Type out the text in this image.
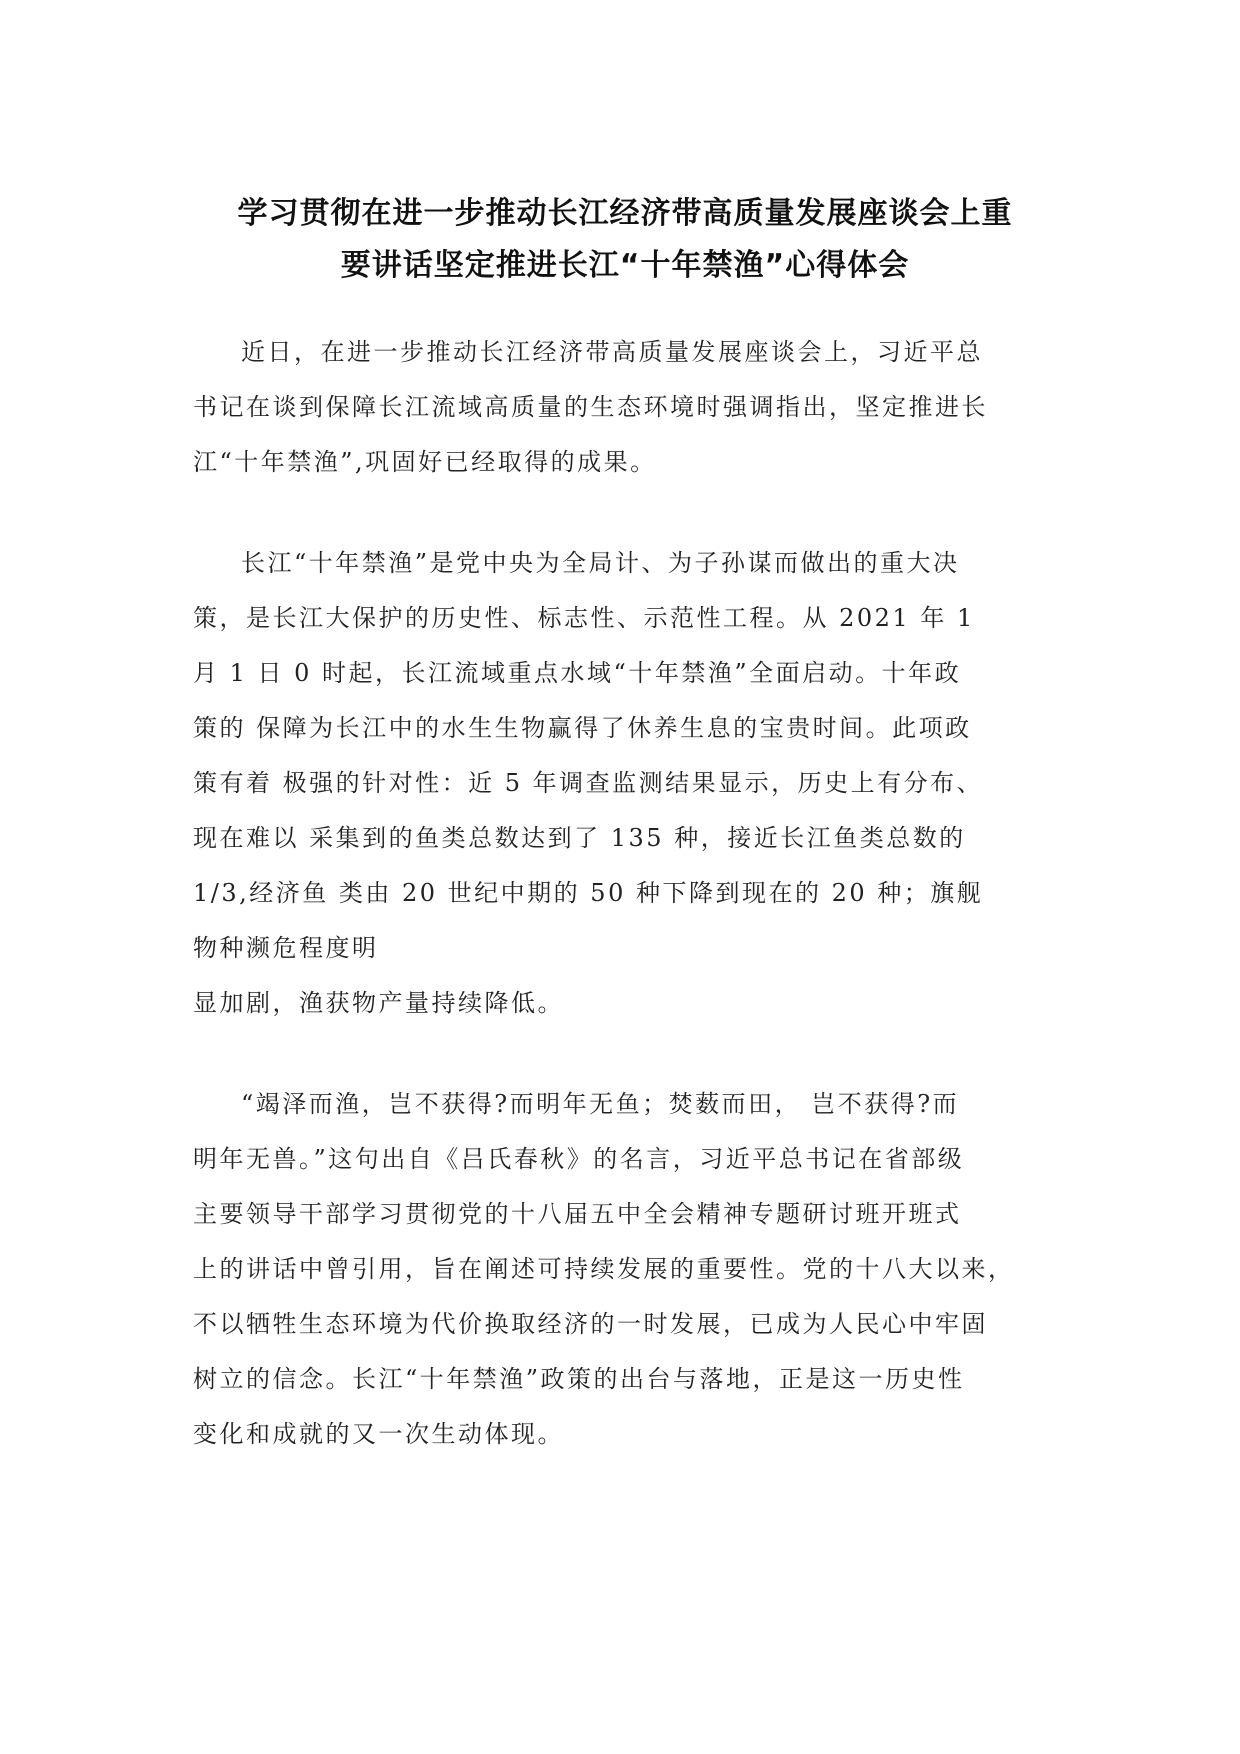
学习贯彻在进一步推动长江经济带高质量发展座谈会上重
要讲话坚定推进长江“十年禁渔”心得体会

近日，在进一步推动长江经济带高质量发展座谈会上，习近平总
书记在谈到保障长江流域高质量的生态环境时强调指出，坚定推进长
江“十年禁渔”,巩固好已经取得的成果。

长江“十年禁渔”是党中央为全局计、为子孙谋而做出的重大决
策，是长江大保护的历史性、标志性、示范性工程。从 2021 年 1
月 1 日 0 时起，长江流域重点水域“十年禁渔”全面启动。十年政
策的 保障为长江中的水生生物赢得了休养生息的宝贵时间。此项政
策有着 极强的针对性：近 5 年调查监测结果显示，历史上有分布、
现在难以 采集到的鱼类总数达到了 135 种，接近长江鱼类总数的
1/3,经济鱼 类由 20 世纪中期的 50 种下降到现在的 20 种；旗舰
物种濒危程度明
显加剧，渔获物产量持续降低。

“竭泽而渔，岂不获得?而明年无鱼；焚薮而田， 岂不获得?而
明年无兽。”这句出自《吕氏春秋》的名言，习近平总书记在省部级
主要领导干部学习贯彻党的十八届五中全会精神专题研讨班开班式
上的讲话中曾引用，旨在阐述可持续发展的重要性。党的十八大以来，
不以牺牲生态环境为代价换取经济的一时发展，已成为人民心中牢固
树立的信念。长江“十年禁渔”政策的出台与落地，正是这一历史性
变化和成就的又一次生动体现。
